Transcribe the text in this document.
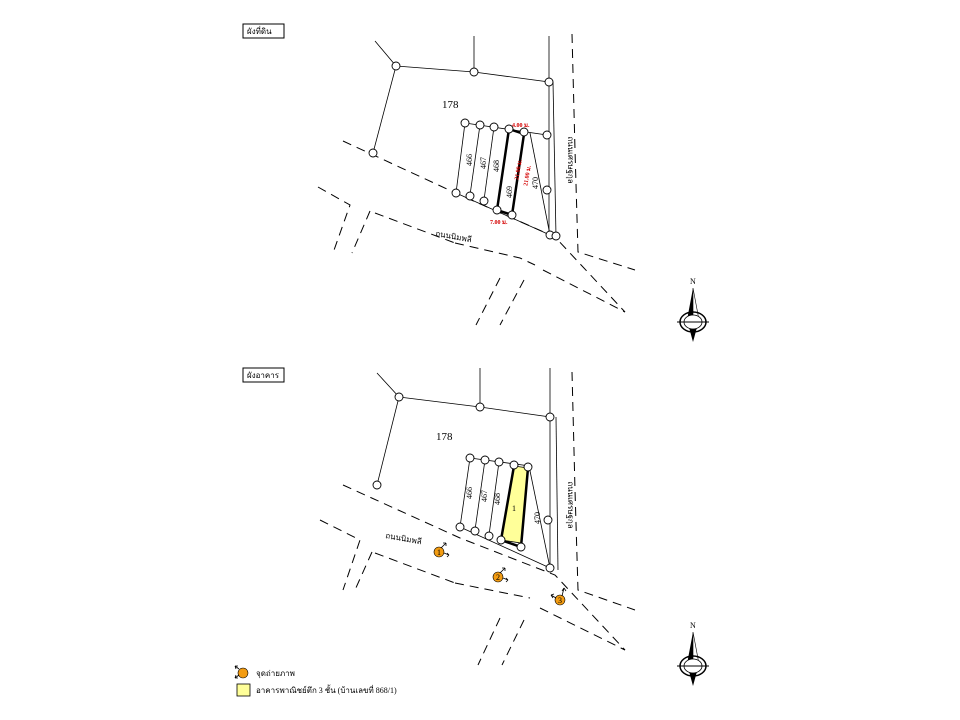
ผังที่ดิน
178
466 467 468
469
470
4.00 ม.
21.00 ม. 21.00 ม.
7.00 ม.
ถนนนิมพลี
ถนนเศรษฐกุล
N
ผังอาคาร
178
466 467 468
470
1
ถนนนิมพลี
ถนนเศรษฐกุล
1
2
3
N
จุดถ่ายภาพ
อาคารพาณิชย์ตึก 3 ชั้น (บ้านเลขที่ 868/1)
